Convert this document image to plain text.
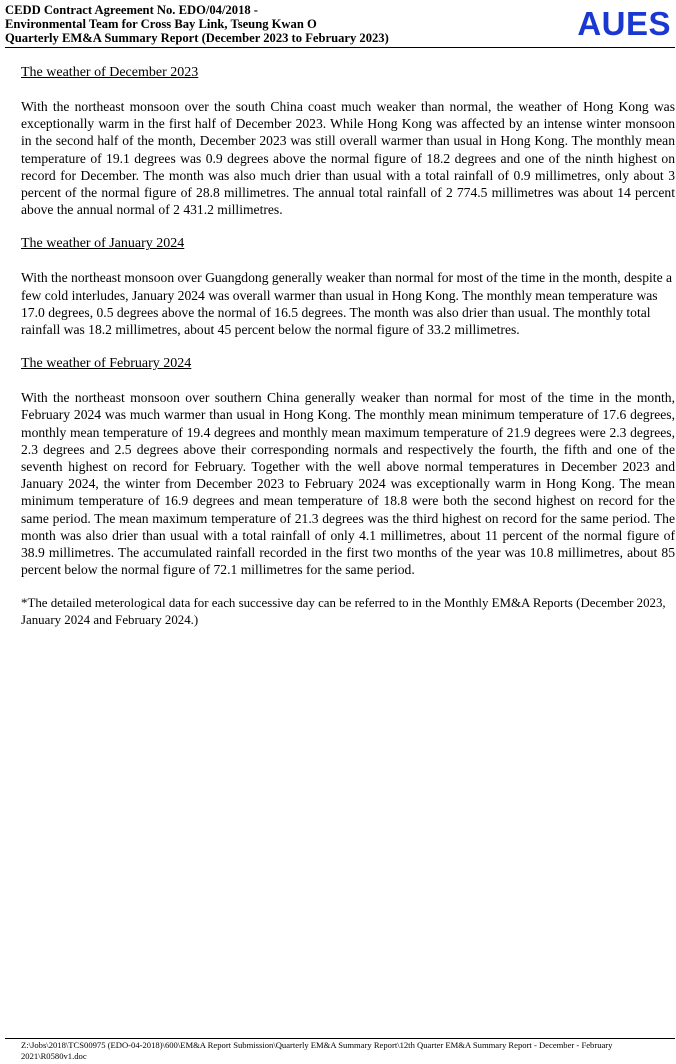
CEDD Contract Agreement No. EDO/04/2018 -
Environmental Team for Cross Bay Link, Tseung Kwan O
Quarterly EM&A Summary Report (December 2023 to February 2023)	AUES
The weather of December 2023

With the northeast monsoon over the south China coast much weaker than normal, the weather of Hong Kong was exceptionally warm in the first half of December 2023. While Hong Kong was affected by an intense winter monsoon in the second half of the month, December 2023 was still overall warmer than usual in Hong Kong. The monthly mean temperature of 19.1 degrees was 0.9 degrees above the normal figure of 18.2 degrees and one of the ninth highest on record for December. The month was also much drier than usual with a total rainfall of 0.9 millimetres, only about 3 percent of the normal figure of 28.8 millimetres. The annual total rainfall of 2 774.5 millimetres was about 14 percent above the annual normal of 2 431.2 millimetres.

The weather of January 2024

With the northeast monsoon over Guangdong generally weaker than normal for most of the time in the month, despite a few cold interludes, January 2024 was overall warmer than usual in Hong Kong. The monthly mean temperature was 17.0 degrees, 0.5 degrees above the normal of 16.5 degrees. The month was also drier than usual. The monthly total rainfall was 18.2 millimetres, about 45 percent below the normal figure of 33.2 millimetres.

The weather of February 2024

With the northeast monsoon over southern China generally weaker than normal for most of the time in the month, February 2024 was much warmer than usual in Hong Kong. The monthly mean minimum temperature of 17.6 degrees, monthly mean temperature of 19.4 degrees and monthly mean maximum temperature of 21.9 degrees were 2.3 degrees, 2.3 degrees and 2.5 degrees above their corresponding normals and respectively the fourth, the fifth and one of the seventh highest on record for February. Together with the well above normal temperatures in December 2023 and January 2024, the winter from December 2023 to February 2024 was exceptionally warm in Hong Kong. The mean minimum temperature of 16.9 degrees and mean temperature of 18.8 were both the second highest on record for the same period. The mean maximum temperature of 21.3 degrees was the third highest on record for the same period. The month was also drier than usual with a total rainfall of only 4.1 millimetres, about 11 percent of the normal figure of 38.9 millimetres. The accumulated rainfall recorded in the first two months of the year was 10.8 millimetres, about 85 percent below the normal figure of 72.1 millimetres for the same period.

*The detailed meterological data for each successive day can be referred to in the Monthly EM&A Reports (December 2023, January 2024 and February 2024.)

Z:\Jobs\2018\TCS00975 (EDO-04-2018)\600\EM&A Report Submission\Quarterly EM&A Summary Report\12th Quarter EM&A Summary Report - December - February 2021\R0580v1.doc
